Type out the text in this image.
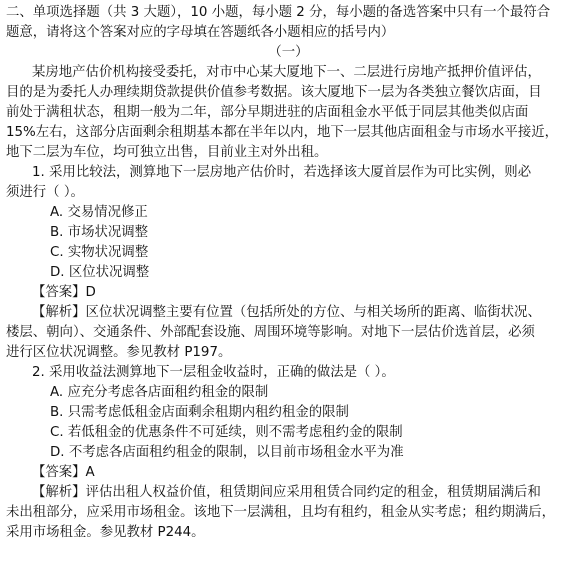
二、单项选择题（共 3 大题），10 小题，每小题 2 分，每小题的备选答案中只有一个最符合

题意，请将这个答案对应的字母填在答题纸各小题相应的括号内）

（一）

某房地产估价机构接受委托，对市中心某大厦地下一、二层进行房地产抵押价值评估，

目的是为委托人办理续期贷款提供价值参考数据。该大厦地下一层为各类独立餐饮店面，目

前处于满租状态，租期一般为二年，部分早期进驻的店面租金水平低于同层其他类似店面

15%左右，这部分店面剩余租期基本都在半年以内，地下一层其他店面租金与市场水平接近，

地下二层为车位，均可独立出售，目前业主对外出租。

1. 采用比较法，测算地下一层房地产估价时，若选择该大厦首层作为可比实例，则必

须进行（ ）。

A. 交易情况修正

B. 市场状况调整

C. 实物状况调整

D. 区位状况调整

【答案】D

【解析】区位状况调整主要有位置（包括所处的方位、与相关场所的距离、临街状况、

楼层、朝向）、交通条件、外部配套设施、周围环境等影响。对地下一层估价选首层，必须

进行区位状况调整。参见教材 P197。

2. 采用收益法测算地下一层租金收益时，正确的做法是（ ）。

A. 应充分考虑各店面租约租金的限制

B. 只需考虑低租金店面剩余租期内租约租金的限制

C. 若低租金的优惠条件不可延续，则不需考虑租约金的限制

D. 不考虑各店面租约租金的限制，以目前市场租金水平为准

【答案】A

【解析】评估出租人权益价值，租赁期间应采用租赁合同约定的租金，租赁期届满后和

未出租部分，应采用市场租金。该地下一层满租，且均有租约，租金从实考虑；租约期满后，

采用市场租金。参见教材 P244。
